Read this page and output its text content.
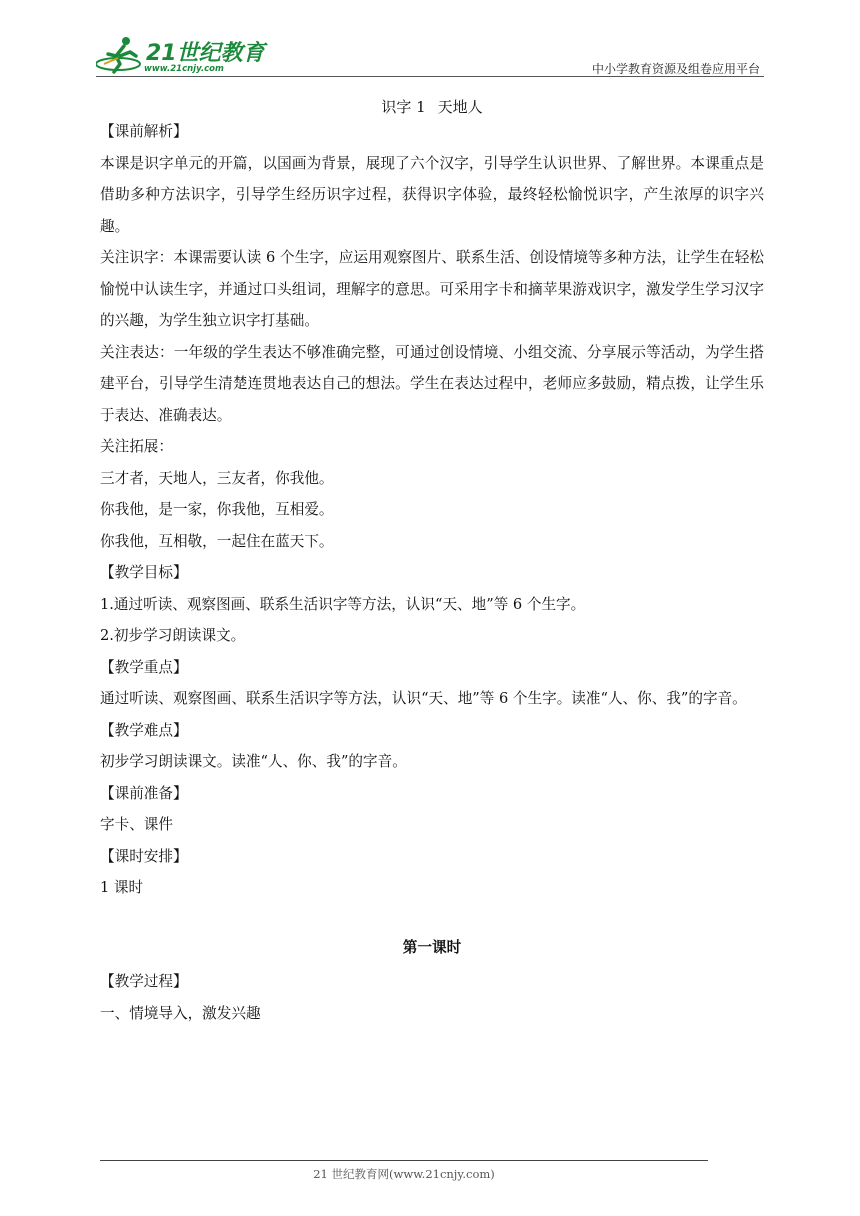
21世纪教育
www.21cnjy.com	中小学教育资源及组卷应用平台
识字 1 天地人

【课前解析】

本课是识字单元的开篇，以国画为背景，展现了六个汉字，引导学生认识世界、了解世界。本课重点是借助多种方法识字，引导学生经历识字过程，获得识字体验，最终轻松愉悦识字，产生浓厚的识字兴趣。

关注识字：本课需要认读 6 个生字，应运用观察图片、联系生活、创设情境等多种方法，让学生在轻松愉悦中认读生字，并通过口头组词，理解字的意思。可采用字卡和摘苹果游戏识字，激发学生学习汉字的兴趣，为学生独立识字打基础。

关注表达：一年级的学生表达不够准确完整，可通过创设情境、小组交流、分享展示等活动，为学生搭建平台，引导学生清楚连贯地表达自己的想法。学生在表达过程中，老师应多鼓励，精点拨，让学生乐于表达、准确表达。

关注拓展：

三才者，天地人，三友者，你我他。

你我他，是一家，你我他，互相爱。

你我他，互相敬，一起住在蓝天下。

【教学目标】

1.通过听读、观察图画、联系生活识字等方法，认识“天、地”等 6 个生字。

2.初步学习朗读课文。

【教学重点】

通过听读、观察图画、联系生活识字等方法，认识“天、地”等 6 个生字。读准“人、你、我”的字音。

【教学难点】

初步学习朗读课文。读准“人、你、我”的字音。

【课前准备】

字卡、课件

【课时安排】

1 课时

第一课时

【教学过程】

一、情境导入，激发兴趣

21 世纪教育网(www.21cnjy.com)
